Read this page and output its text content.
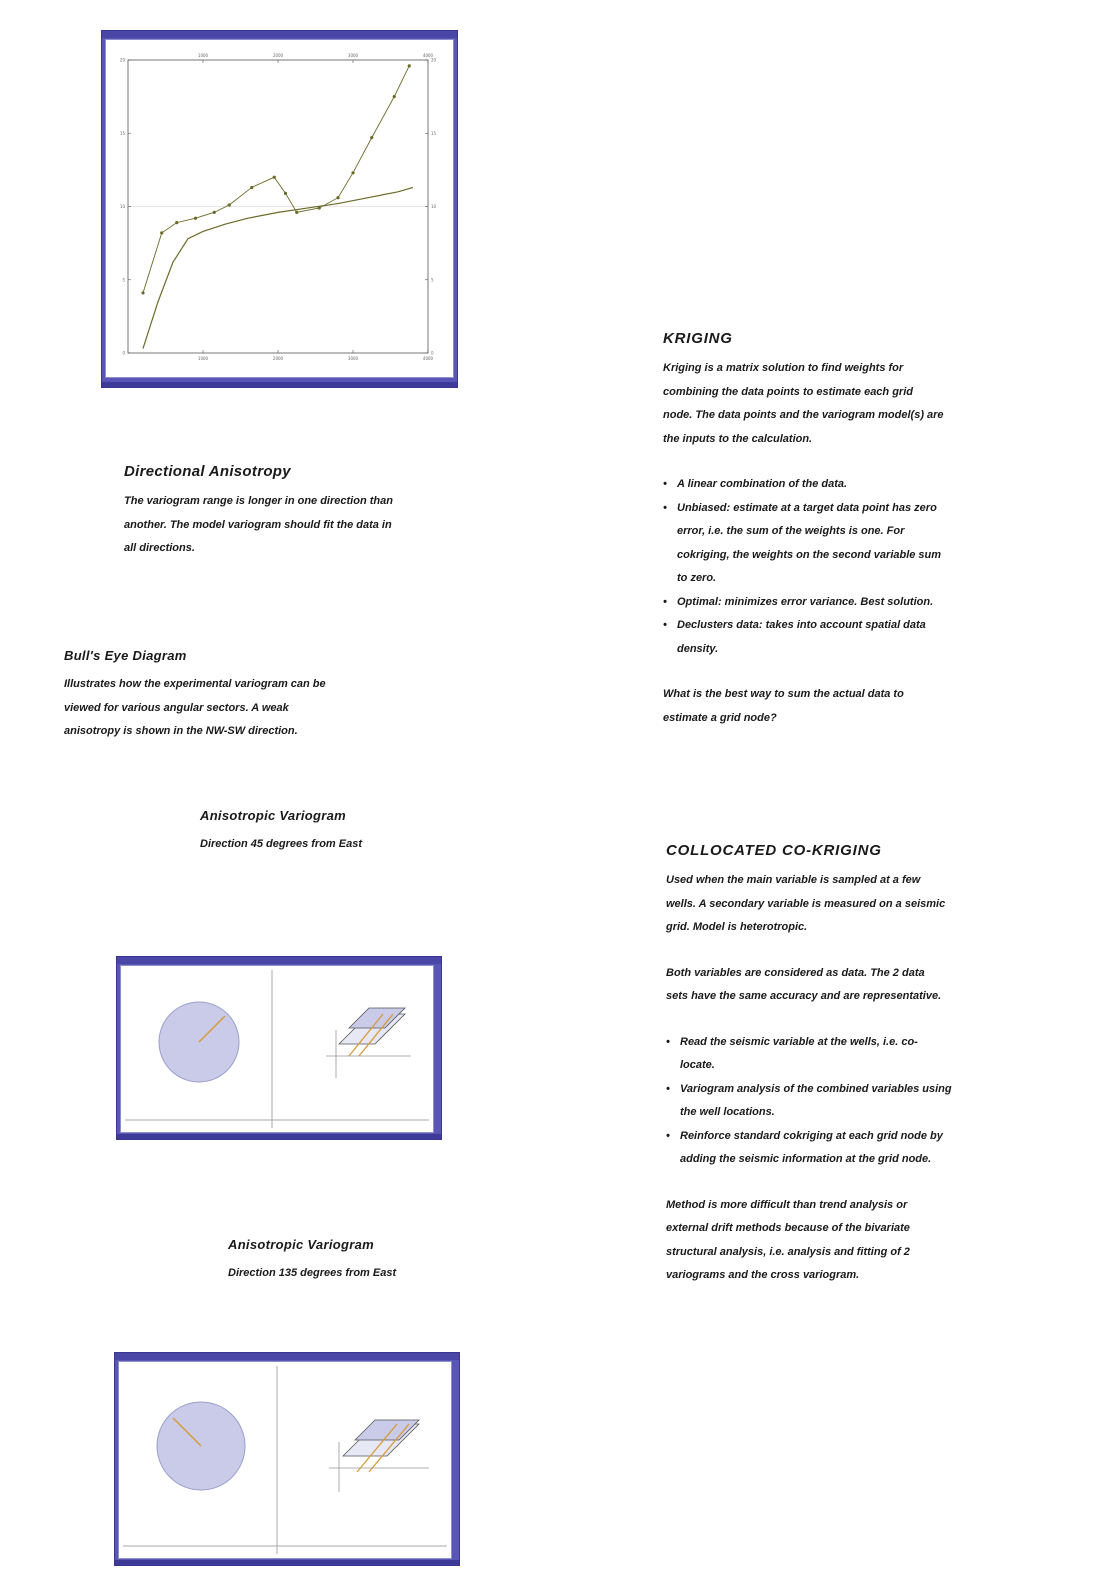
1000
1000
2000
2000
3000
3000
4000
4000
0	0
5	5
10	10
15	15
20	20
Directional Anisotropy

The variogram range is longer in one direction than

another. The model variogram should fit the data in

all directions.

Bull's Eye Diagram

Illustrates how the experimental variogram can be

viewed for various angular sectors. A weak

anisotropy is shown in the NW-SW direction.

Anisotropic Variogram

Direction 45 degrees from East

Anisotropic Variogram

Direction 135 degrees from East

KRIGING

Kriging is a matrix solution to find weights for

combining the data points to estimate each grid

node. The data points and the variogram model(s) are

the inputs to the calculation.

• A linear combination of the data.
• Unbiased: estimate at a target data point has zero
error, i.e. the sum of the weights is one. For
cokriging, the weights on the second variable sum
to zero.
• Optimal: minimizes error variance. Best solution.
• Declusters data: takes into account spatial data
density.

What is the best way to sum the actual data to

estimate a grid node?

COLLOCATED CO-KRIGING

Used when the main variable is sampled at a few

wells. A secondary variable is measured on a seismic

grid. Model is heterotropic.

Both variables are considered as data. The 2 data

sets have the same accuracy and are representative.

• Read the seismic variable at the wells, i.e. co-
locate.
• Variogram analysis of the combined variables using
the well locations.
• Reinforce standard cokriging at each grid node by
adding the seismic information at the grid node.

Method is more difficult than trend analysis or

external drift methods because of the bivariate

structural analysis, i.e. analysis and fitting of 2

variograms and the cross variogram.
